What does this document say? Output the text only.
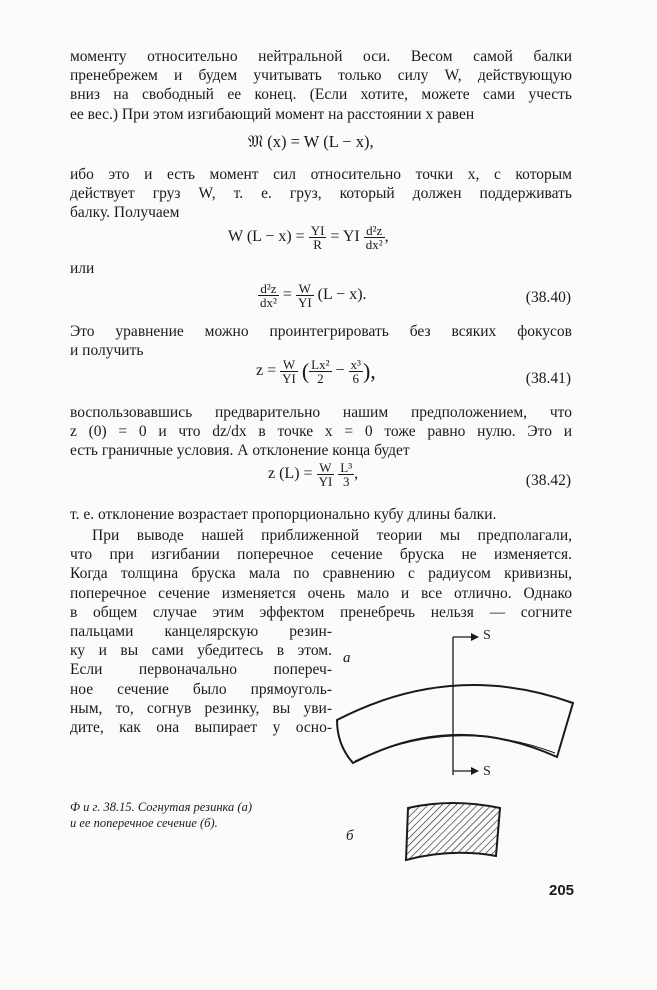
моменту относительно нейтральной оси. Весом самой балки
пренебрежем и будем учитывать только силу W, действующую
вниз на свободный ее конец. (Если хотите, можете сами учесть
ее вес.) При этом изгибающий момент на расстоянии x равен
𝔐 (x) = W (L − x),
ибо это и есть момент сил относительно точки x, с которым
действует груз W, т. е. груз, который должен поддерживать
балку. Получаем
W $(L - x) = \frac{YI}{R}$ = YI $\frac{\text{d²z}}{\text{dx²}}$ ,
или
$\frac{\text{d²z}}{\text{dx²}} = \frac{W}{YI} (L - x)$.	(38.40)
Это уравнение можно проинтегрировать без всяких фокусов
и получить
$z = \frac{W}{YI}$ ( $\frac{\text{Lx²}}{2} - \frac{\text{x³}}{6}$ ),	(38.41)
воспользовавшись предварительно нашим предположением, что
z (0) = 0 и что dz/dx в точке x = 0 тоже равно нулю. Это и
есть граничные условия. А отклонение конца будет
z $(L) = \frac{W}{YI}$
$\frac{\text{L³}}{3}$ ,	(38.42)
т. е. отклонение возрастает пропорционально кубу длины балки.
При выводе нашей приближенной теории мы предполагали,
что при изгибании поперечное сечение бруска не изменяется.
Когда толщина бруска мала по сравнению с радиусом кривизны,
поперечное сечение изменяется очень мало и все отлично. Однако
в общем случае этим эффектом пренебречь нельзя — согните
пальцами канцелярскую резин-
ку и вы сами убедитесь в этом.
Если первоначально попереч-
ное сечение было прямоуголь-
ным, то, согнув резинку, вы уви-
дите, как она выпирает у осно-
а
S
S
б
Ф и г. 38.15. Согнутая резинка (а)
и ее поперечное сечение (б).
205
